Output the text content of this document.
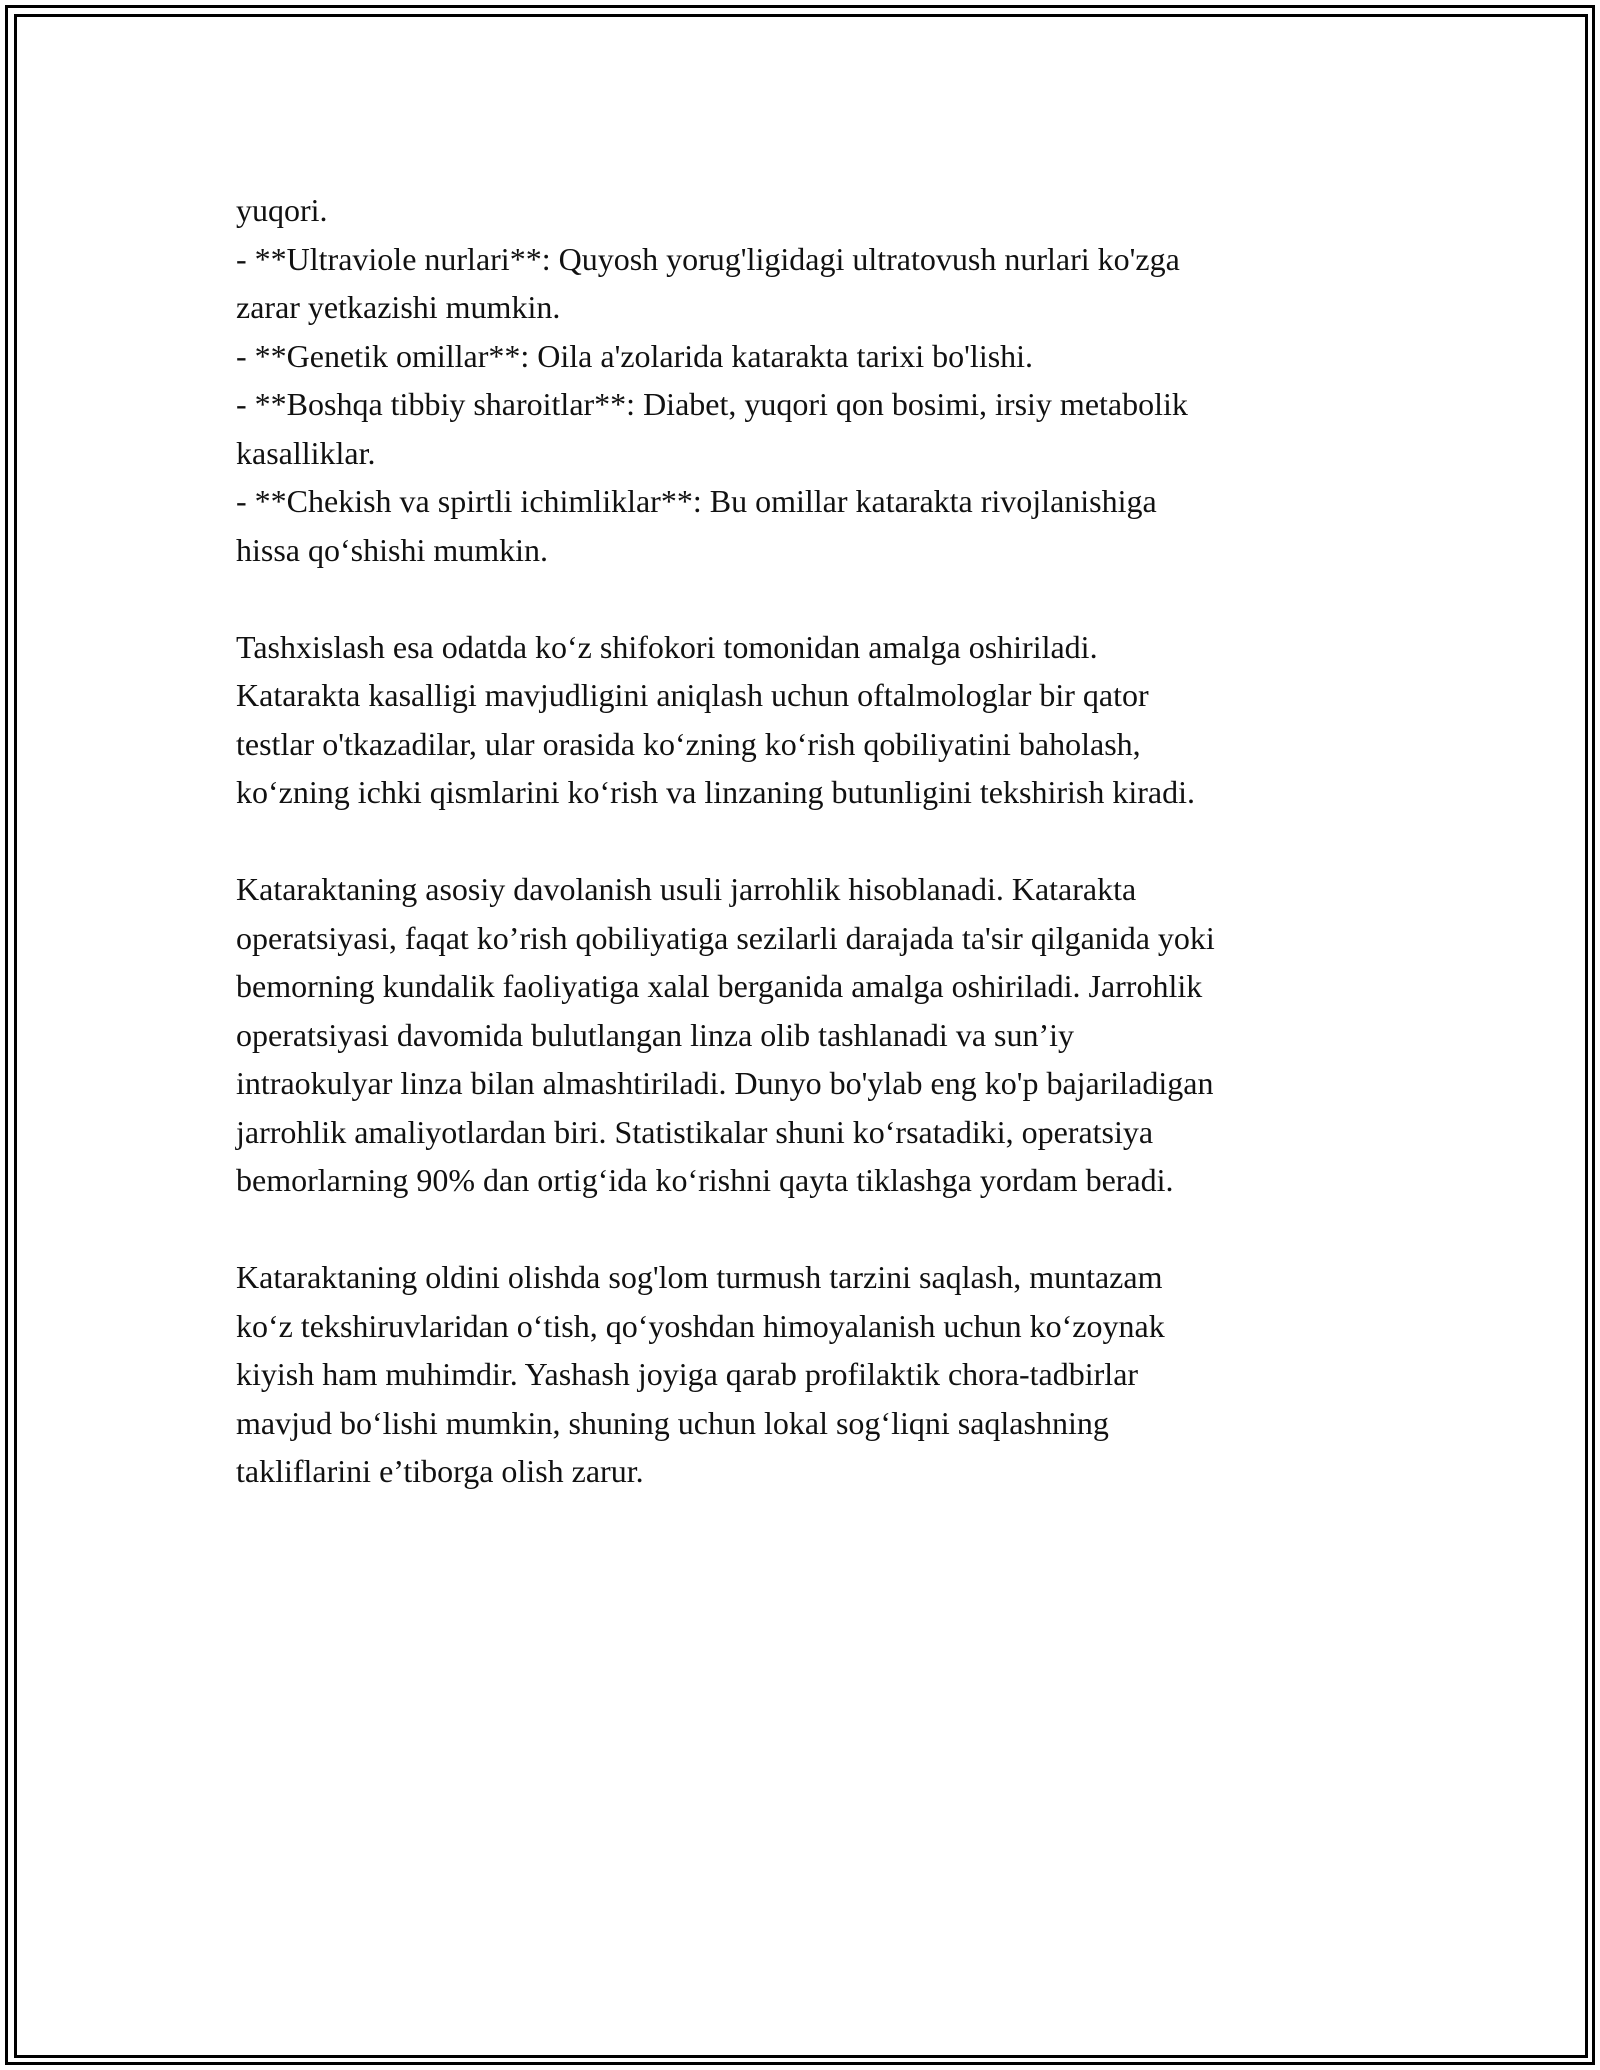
yuqori.
- **Ultraviole nurlari**: Quyosh yorug'ligidagi ultratovush nurlari ko'zga
zarar yetkazishi mumkin.
- **Genetik omillar**: Oila a'zolarida katarakta tarixi bo'lishi.
- **Boshqa tibbiy sharoitlar**: Diabet, yuqori qon bosimi, irsiy metabolik
kasalliklar.
- **Chekish va spirtli ichimliklar**: Bu omillar katarakta rivojlanishiga
hissa qo‘shishi mumkin.
Tashxislash esa odatda ko‘z shifokori tomonidan amalga oshiriladi.
Katarakta kasalligi mavjudligini aniqlash uchun oftalmologlar bir qator
testlar o'tkazadilar, ular orasida ko‘zning ko‘rish qobiliyatini baholash,
ko‘zning ichki qismlarini ko‘rish va linzaning butunligini tekshirish kiradi.
Kataraktaning asosiy davolanish usuli jarrohlik hisoblanadi. Katarakta
operatsiyasi, faqat ko’rish qobiliyatiga sezilarli darajada ta'sir qilganida yoki
bemorning kundalik faoliyatiga xalal berganida amalga oshiriladi. Jarrohlik
operatsiyasi davomida bulutlangan linza olib tashlanadi va sun’iy
intraokulyar linza bilan almashtiriladi. Dunyo bo'ylab eng ko'p bajariladigan
jarrohlik amaliyotlardan biri. Statistikalar shuni ko‘rsatadiki, operatsiya
bemorlarning 90% dan ortig‘ida ko‘rishni qayta tiklashga yordam beradi.
Kataraktaning oldini olishda sog'lom turmush tarzini saqlash, muntazam
ko‘z tekshiruvlaridan o‘tish, qo‘yoshdan himoyalanish uchun ko‘zoynak
kiyish ham muhimdir. Yashash joyiga qarab profilaktik chora-tadbirlar
mavjud bo‘lishi mumkin, shuning uchun lokal sog‘liqni saqlashning
takliflarini e’tiborga olish zarur.
